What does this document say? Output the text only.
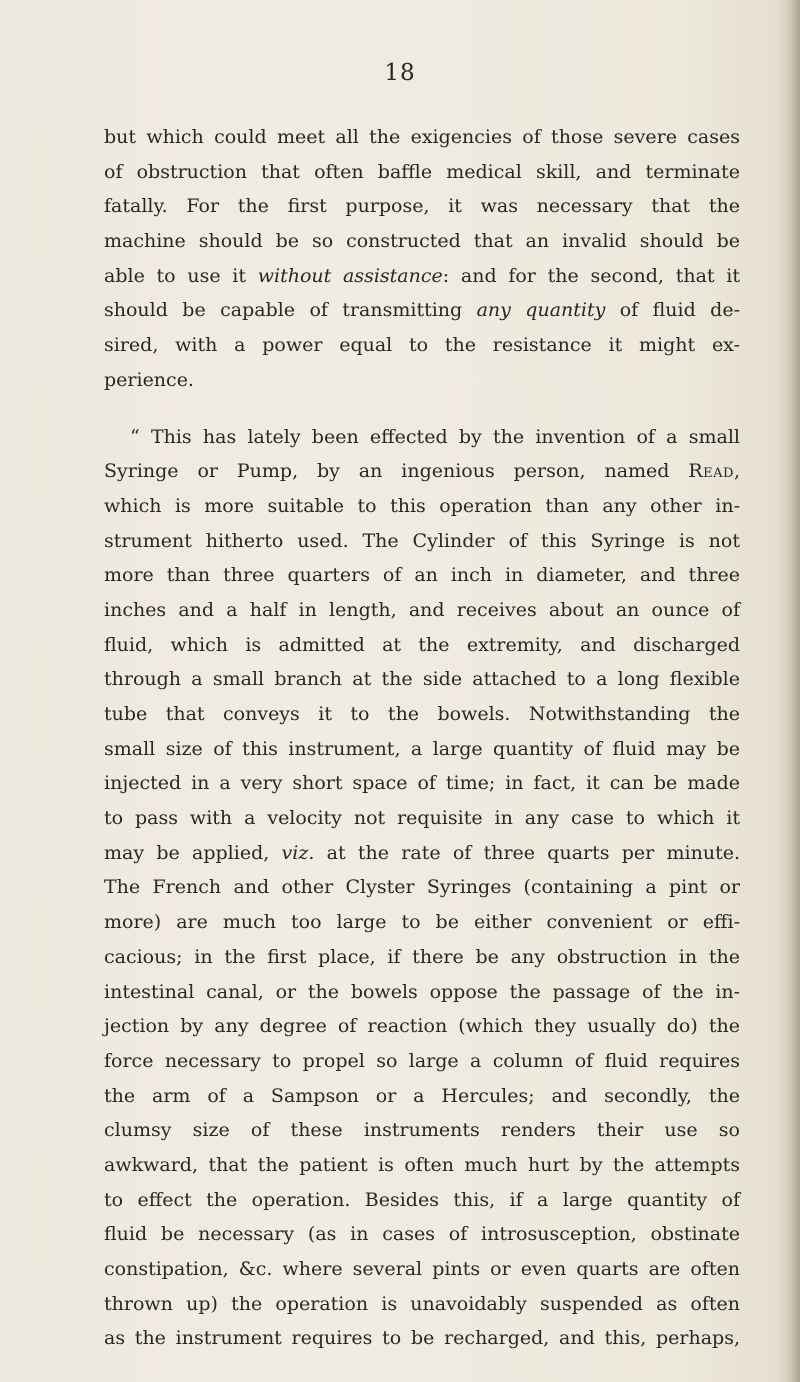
18
but which could meet all the exigencies of those severe cases
of obstruction that often baffle medical skill, and terminate
fatally. For the first purpose, it was necessary that the
machine should be so constructed that an invalid should be
able to use it without assistance: and for the second, that it
should be capable of transmitting any quantity of fluid de-
sired, with a power equal to the resistance it might ex-
perience.
“ This has lately been effected by the invention of a small
Syringe or Pump, by an ingenious person, named Read,
which is more suitable to this operation than any other in-
strument hitherto used. The Cylinder of this Syringe is not
more than three quarters of an inch in diameter, and three
inches and a half in length, and receives about an ounce of
fluid, which is admitted at the extremity, and discharged
through a small branch at the side attached to a long flexible
tube that conveys it to the bowels. Notwithstanding the
small size of this instrument, a large quantity of fluid may be
injected in a very short space of time; in fact, it can be made
to pass with a velocity not requisite in any case to which it
may be applied, viz. at the rate of three quarts per minute.
The French and other Clyster Syringes (containing a pint or
more) are much too large to be either convenient or effi-
cacious; in the first place, if there be any obstruction in the
intestinal canal, or the bowels oppose the passage of the in-
jection by any degree of reaction (which they usually do) the
force necessary to propel so large a column of fluid requires
the arm of a Sampson or a Hercules; and secondly, the
clumsy size of these instruments renders their use so
awkward, that the patient is often much hurt by the attempts
to effect the operation. Besides this, if a large quantity of
fluid be necessary (as in cases of introsusception, obstinate
constipation, &c. where several pints or even quarts are often
thrown up) the operation is unavoidably suspended as often
as the instrument requires to be recharged, and this, perhaps,
